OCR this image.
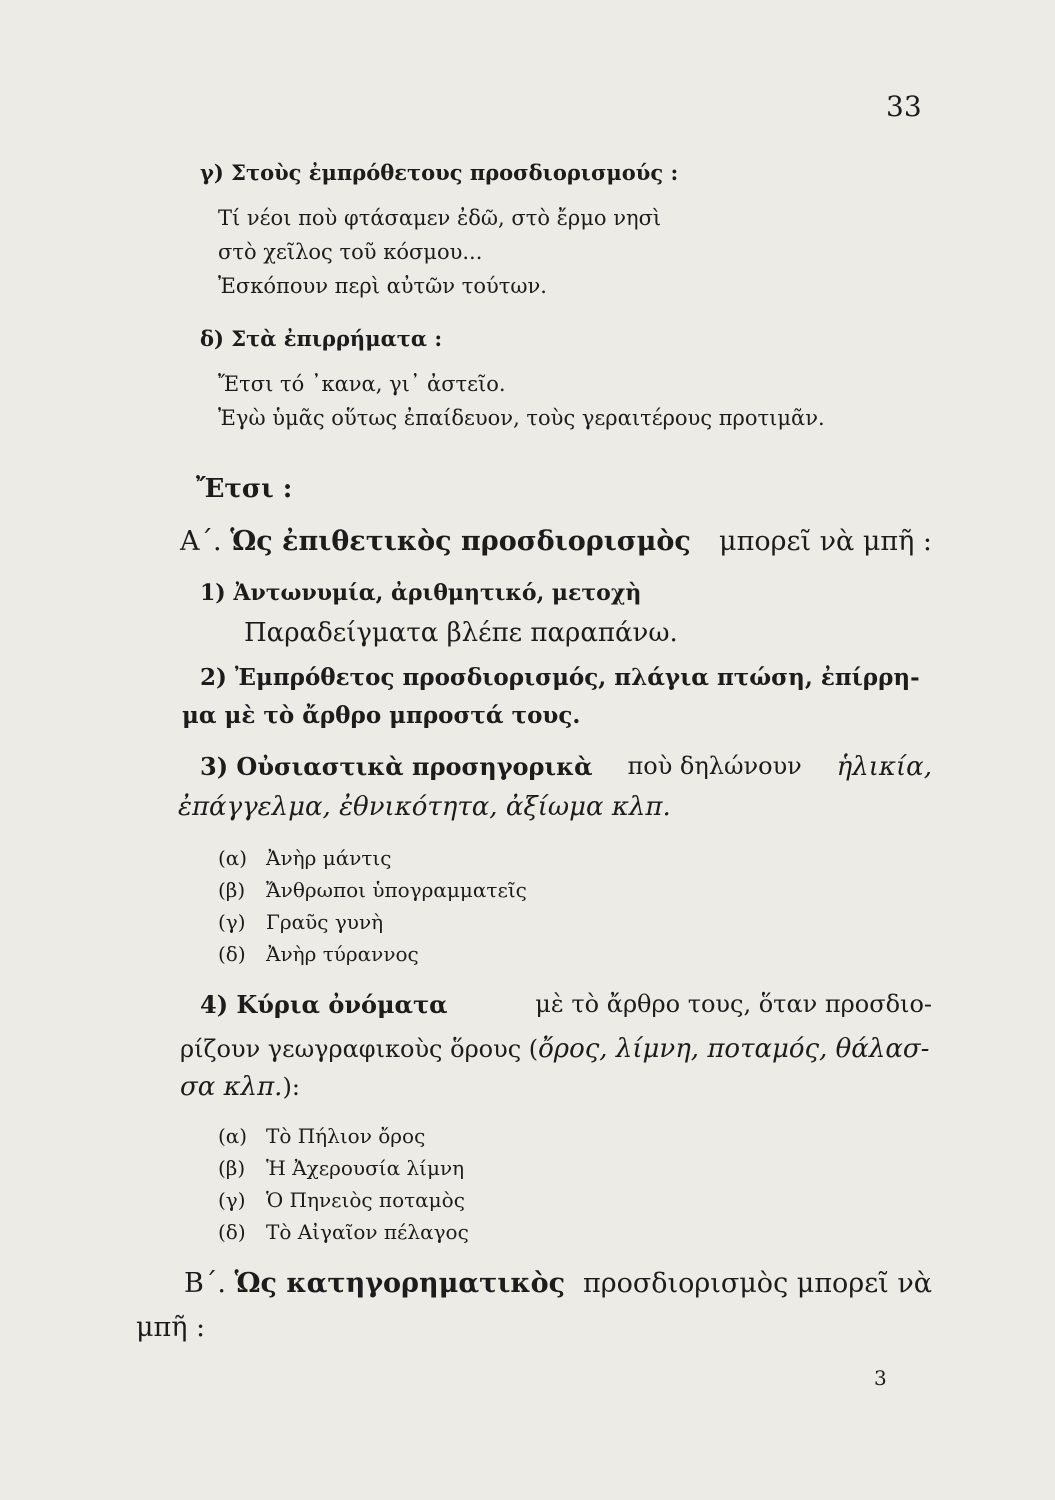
33
γ) Στοὺς ἐμπρόθετους προσδιορισμούς :
Τί νέοι ποὺ φτάσαμεν ἐδῶ, στὸ ἔρμο νησὶ
στὸ χεῖλος τοῦ κόσμου...
Ἐσκόπουν περὶ αὐτῶν τούτων.
δ) Στὰ ἐπιρρήματα :
Ἔτσι τό ᾽κανα, γι᾽ ἀστεῖο.
Ἐγὼ ὑμᾶς οὕτως ἐπαίδευον, τοὺς γεραιτέρους προτιμᾶν.
Ἔτσι :
Α΄. Ὡς ἐπιθετικὸς προσδιορισμὸς μπορεῖ νὰ μπῆ :
1) Ἀντωνυμία, ἀριθμητικό, μετοχὴ
Παραδείγματα βλέπε παραπάνω.
2) Ἐμπρόθετος προσδιορισμός, πλάγια πτώση, ἐπίρρη-
μα μὲ τὸ ἄρθρο μπροστά τους.
3) Οὐσιαστικὰ προσηγορικὰ ποὺ δηλώνουν ἡλικία,
ἐπάγγελμα, ἐθνικότητα, ἀξίωμα κλπ.
(α) Ἀνὴρ μάντις
(β) Ἄνθρωποι ὑπογραμματεῖς
(γ) Γραῦς γυνὴ
(δ) Ἀνὴρ τύραννος
4) Κύρια ὀνόματα	μὲ τὸ ἄρθρο τους, ὅταν προσδιο-
ρίζουν γεωγραφικοὺς ὅρους (ὄρος, λίμνη, ποταμός, θάλασ-
σα κλπ.):
(α) Τὸ Πήλιον ὄρος
(β) Ἡ Ἀχερουσία λίμνη
(γ) Ὁ Πηνειὸς ποταμὸς
(δ) Τὸ Αἰγαῖον πέλαγος
Β΄. Ὡς κατηγορηματικὸς προσδιορισμὸς μπορεῖ νὰ
μπῆ :
3
